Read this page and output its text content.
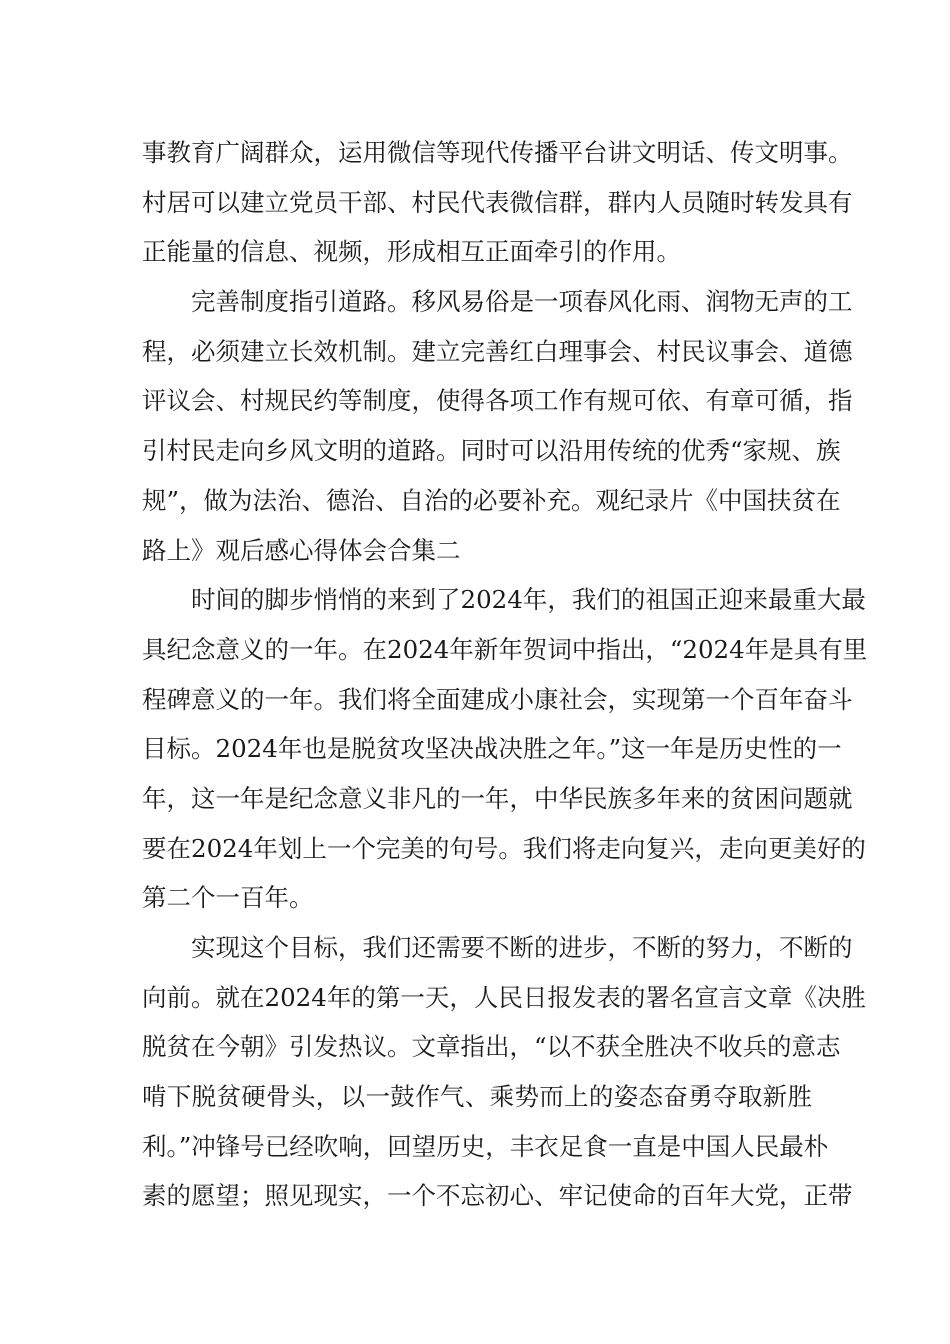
事教育广阔群众，运用微信等现代传播平台讲文明话、传文明事。
村居可以建立党员干部、村民代表微信群，群内人员随时转发具有
正能量的信息、视频，形成相互正面牵引的作用。
完善制度指引道路。移风易俗是一项春风化雨、润物无声的工
程，必须建立长效机制。建立完善红白理事会、村民议事会、道德
评议会、村规民约等制度，使得各项工作有规可依、有章可循，指
引村民走向乡风文明的道路。同时可以沿用传统的优秀“家规、族
规”，做为法治、德治、自治的必要补充。观纪录片《中国扶贫在
路上》观后感心得体会合集二
时间的脚步悄悄的来到了2024年，我们的祖国正迎来最重大最
具纪念意义的一年。在2024年新年贺词中指出，“2024年是具有里
程碑意义的一年。我们将全面建成小康社会，实现第一个百年奋斗
目标。2024年也是脱贫攻坚决战决胜之年。”这一年是历史性的一
年，这一年是纪念意义非凡的一年，中华民族多年来的贫困问题就
要在2024年划上一个完美的句号。我们将走向复兴，走向更美好的
第二个一百年。
实现这个目标，我们还需要不断的进步，不断的努力，不断的
向前。就在2024年的第一天，人民日报发表的署名宣言文章《决胜
脱贫在今朝》引发热议。文章指出，“以不获全胜决不收兵的意志
啃下脱贫硬骨头，以一鼓作气、乘势而上的姿态奋勇夺取新胜
利。”冲锋号已经吹响，回望历史，丰衣足食一直是中国人民最朴
素的愿望；照见现实，一个不忘初心、牢记使命的百年大党，正带
